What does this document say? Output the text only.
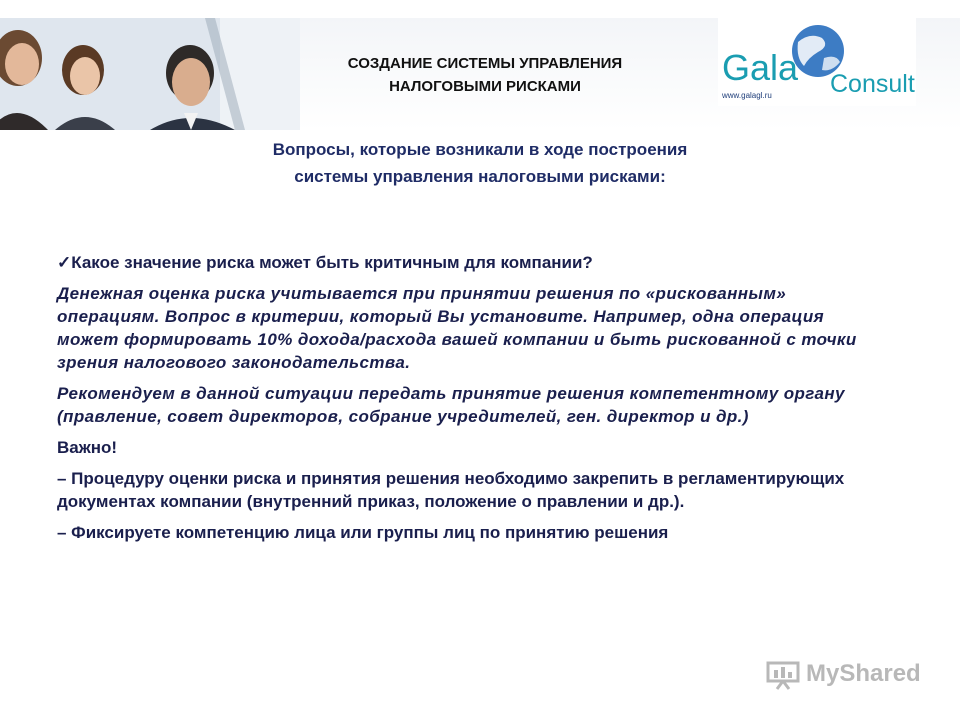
СОЗДАНИЕ СИСТЕМЫ УПРАВЛЕНИЯ
НАЛОГОВЫМИ РИСКАМИ	Gala Consult
www.galagl.ru
Вопросы, которые возникали в ходе построения
системы управления налоговыми рисками:

✓Какое значение риска может быть критичным для компании?

Денежная оценка риска учитывается при принятии решения по «рискованным» операциям. Вопрос в критерии, который Вы установите. Например, одна операция может формировать 10% дохода/расхода вашей компании и быть рискованной с точки зрения налогового законодательства.

Рекомендуем в данной ситуации передать принятие решения компетентному органу (правление, совет директоров, собрание учредителей, ген. директор и др.)

Важно!

– Процедуру оценки риска и принятия решения необходимо закрепить в регламентирующих документах компании (внутренний приказ, положение о правлении и др.).

– Фиксируете компетенцию лица или группы лиц по принятию решения

MyShared
